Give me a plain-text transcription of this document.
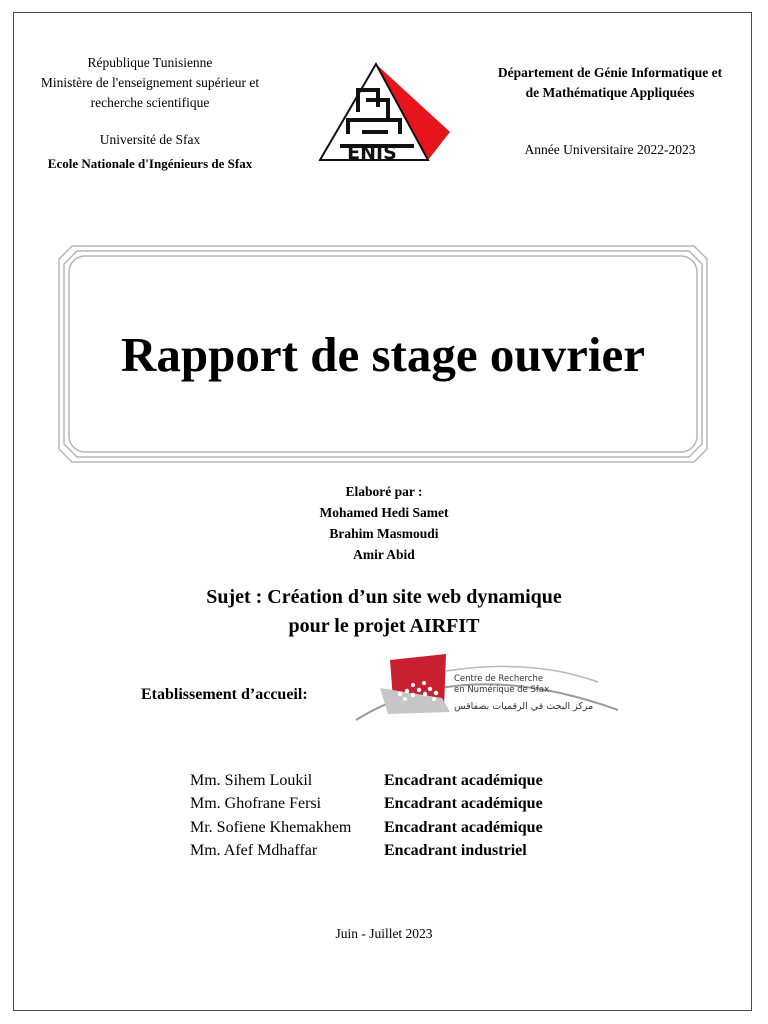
République Tunisienne
Ministère de l'enseignement supérieur et recherche scientifique
Université de Sfax
Ecole Nationale d'Ingénieurs de Sfax	ENIS
Département de Génie Informatique et de Mathématique Appliquées
Année Universitaire 2022-2023
Rapport de stage ouvrier
Elaboré par :
Mohamed Hedi Samet
Brahim Masmoudi
Amir Abid
Sujet : Création d’un site web dynamique
pour le projet AIRFIT
Etablissement d’accueil:
Centre de Recherche
en Numérique de Sfax
مركز البحث في الرقميات بصفاقس
Mm. Sihem Loukil	Encadrant académique
Mm. Ghofrane Fersi	Encadrant académique
Mr. Sofiene Khemakhem	Encadrant académique
Mm. Afef Mdhaffar	Encadrant industriel
Juin - Juillet 2023
